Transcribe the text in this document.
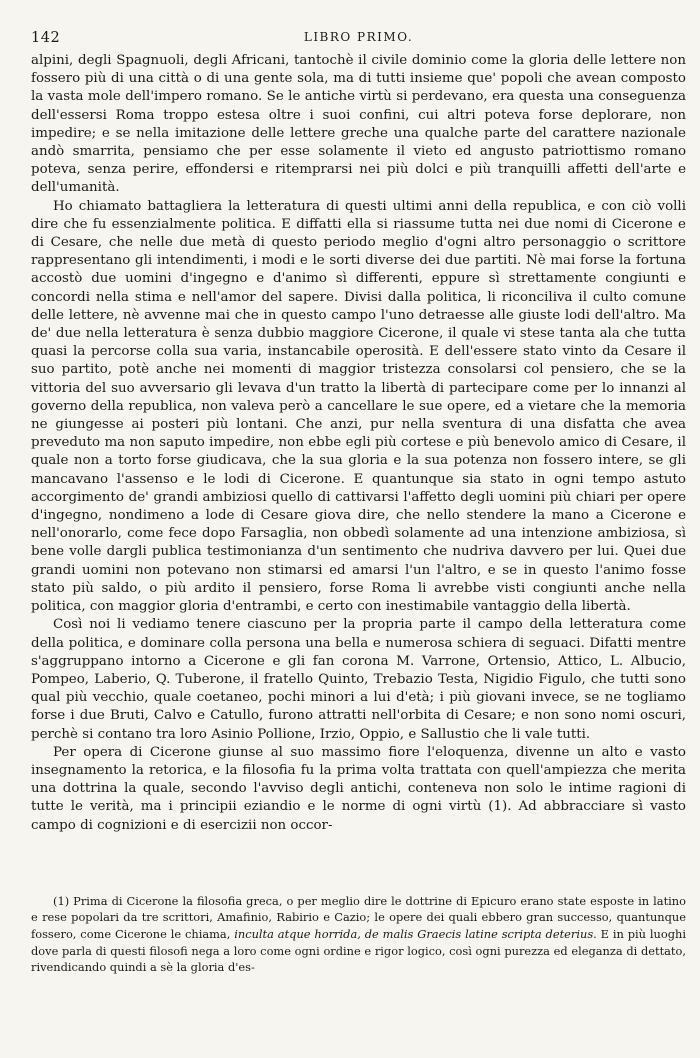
142	LIBRO PRIMO.

alpini, degli Spagnuoli, degli Africani, tantochè il civile dominio come la gloria delle lettere non fossero più di una città o di una gente sola, ma di tutti insieme que' popoli che avean composto la vasta mole dell'impero romano. Se le antiche virtù si perdevano, era questa una conseguenza dell'essersi Roma troppo estesa oltre i suoi confini, cui altri poteva forse deplorare, non impedire; e se nella imitazione delle lettere greche una qualche parte del carattere nazionale andò smarrita, pensiamo che per esse solamente il vieto ed angusto patriottismo romano poteva, senza perire, effondersi e ritemprarsi nei più dolci e più tranquilli affetti dell'arte e dell'umanità.

Ho chiamato battagliera la letteratura di questi ultimi anni della republica, e con ciò volli dire che fu essenzialmente politica. E diffatti ella si riassume tutta nei due nomi di Cicerone e di Cesare, che nelle due metà di questo periodo meglio d'ogni altro personaggio o scrittore rappresentano gli intendimenti, i modi e le sorti diverse dei due partiti. Nè mai forse la fortuna accostò due uomini d'ingegno e d'animo sì differenti, eppure sì strettamente congiunti e concordi nella stima e nell'amor del sapere. Divisi dalla politica, li riconciliva il culto comune delle lettere, nè avvenne mai che in questo campo l'uno detraesse alle giuste lodi dell'altro. Ma de' due nella letteratura è senza dubbio maggiore Cicerone, il quale vi stese tanta ala che tutta quasi la percorse colla sua varia, instancabile operosità. E dell'essere stato vinto da Cesare il suo partito, potè anche nei momenti di maggior tristezza consolarsi col pensiero, che se la vittoria del suo avversario gli levava d'un tratto la libertà di partecipare come per lo innanzi al governo della republica, non valeva però a cancellare le sue opere, ed a vietare che la memoria ne giungesse ai posteri più lontani. Che anzi, pur nella sventura di una disfatta che avea preveduto ma non saputo impedire, non ebbe egli più cortese e più benevolo amico di Cesare, il quale non a torto forse giudicava, che la sua gloria e la sua potenza non fossero intere, se gli mancavano l'assenso e le lodi di Cicerone. E quantunque sia stato in ogni tempo astuto accorgimento de' grandi ambiziosi quello di cattivarsi l'affetto degli uomini più chiari per opere d'ingegno, nondimeno a lode di Cesare giova dire, che nello stendere la mano a Cicerone e nell'onorarlo, come fece dopo Farsaglia, non obbedì solamente ad una intenzione ambiziosa, sì bene volle dargli publica testimonianza d'un sentimento che nudriva davvero per lui. Quei due grandi uomini non potevano non stimarsi ed amarsi l'un l'altro, e se in questo l'animo fosse stato più saldo, o più ardito il pensiero, forse Roma li avrebbe visti congiunti anche nella politica, con maggior gloria d'entrambi, e certo con inestimabile vantaggio della libertà.

Così noi li vediamo tenere ciascuno per la propria parte il campo della letteratura come della politica, e dominare colla persona una bella e numerosa schiera di seguaci. Difatti mentre s'aggruppano intorno a Cicerone e gli fan corona M. Varrone, Ortensio, Attico, L. Albucio, Pompeo, Laberio, Q. Tuberone, il fratello Quinto, Trebazio Testa, Nigidio Figulo, che tutti sono qual più vecchio, quale coetaneo, pochi minori a lui d'età; i più giovani invece, se ne togliamo forse i due Bruti, Calvo e Catullo, furono attratti nell'orbita di Cesare; e non sono nomi oscuri, perchè si contano tra loro Asinio Pollione, Irzio, Oppio, e Sallustio che li vale tutti.

Per opera di Cicerone giunse al suo massimo fiore l'eloquenza, divenne un alto e vasto insegnamento la retorica, e la filosofia fu la prima volta trattata con quell'ampiezza che merita una dottrina la quale, secondo l'avviso degli antichi, conteneva non solo le intime ragioni di tutte le verità, ma i principii eziandio e le norme di ogni virtù (1). Ad abbracciare sì vasto campo di cognizioni e di esercizii non occor-

(1) Prima di Cicerone la filosofia greca, o per meglio dire le dottrine di Epicuro erano state esposte in latino e rese popolari da tre scrittori, Amafinio, Rabirio e Cazio; le opere dei quali ebbero gran successo, quantunque fossero, come Cicerone le chiama, inculta atque horrida, de malis Graecis latine scripta deterius. E in più luoghi dove parla di questi filosofi nega a loro come ogni ordine e rigor logico, così ogni purezza ed eleganza di dettato, rivendicando quindi a sè la gloria d'es-
